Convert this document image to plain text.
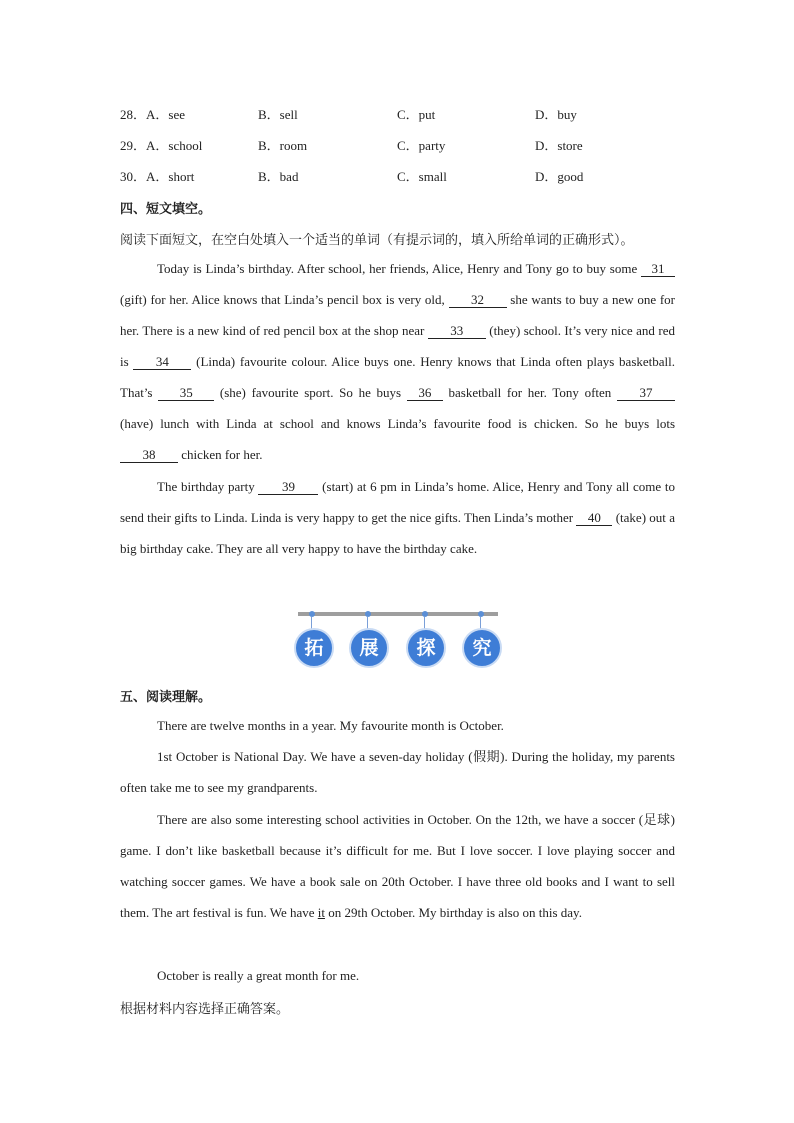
28． A．see	B．sell	C．put	D．buy
29． A．school	B．room	C．party	D．store
30． A．short	B．bad	C．small	D．good
四、短文填空。
阅读下面短文，在空白处填入一个适当的单词（有提示词的，填入所给单词的正确形式）。

Today is Linda’s birthday. After school, her friends, Alice, Henry and Tony go to buy some 31 (gift) for her. Alice knows that Linda’s pencil box is very old, 32 she wants to buy a new one for her. There is a new kind of red pencil box at the shop near 33 (they) school. It’s very nice and red is 34 (Linda) favourite colour. Alice buys one. Henry knows that Linda often plays basketball. That’s 35 (she) favourite sport. So he buys 36 basketball for her. Tony often 37 (have) lunch with Linda at school and knows Linda’s favourite food is chicken. So he buys lots 38 chicken for her.

The birthday party 39 (start) at 6 pm in Linda’s home. Alice, Henry and Tony all come to send their gifts to Linda. Linda is very happy to get the nice gifts. Then Linda’s mother 40 (take) out a big birthday cake. They are all very happy to have the birthday cake.

拓	展	探	究
五、阅读理解。

There are twelve months in a year. My favourite month is October.

1st October is National Day. We have a seven-day holiday (假期). During the holiday, my parents often take me to see my grandparents.

There are also some interesting school activities in October. On the 12th, we have a soccer (足球) game. I don’t like basketball because it’s difficult for me. But I love soccer. I love playing soccer and watching soccer games. We have a book sale on 20th October. I have three old books and I want to sell them. The art festival is fun. We have it on 29th October. My birthday is also on this day.

October is really a great month for me.

根据材料内容选择正确答案。
